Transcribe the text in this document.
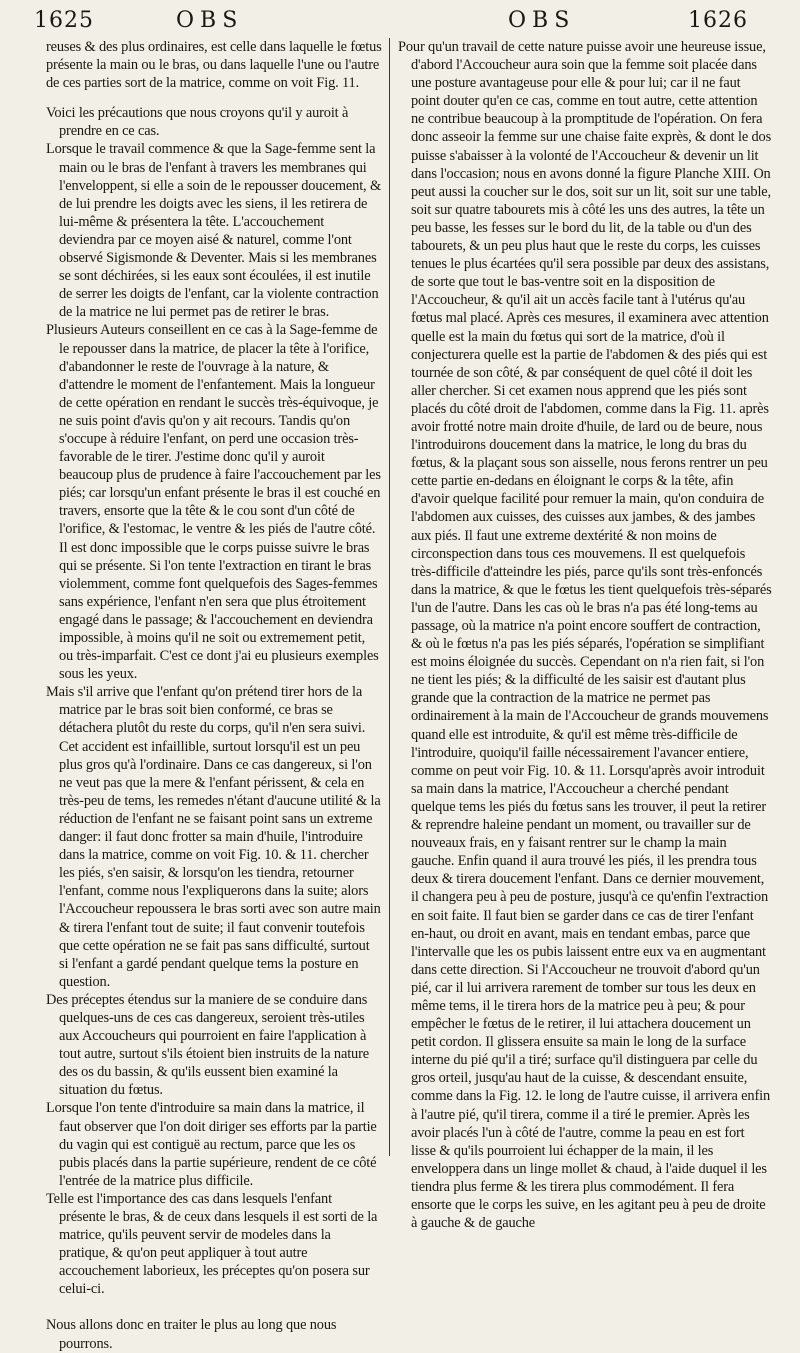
1625	OBS	OBS	1626

reuses & des plus ordinaires, est celle dans laquelle le fœtus présente la main ou le bras, ou dans laquelle l'une ou l'autre de ces parties sort de la matrice, comme on voit Fig. 11.

Voici les précautions que nous croyons qu'il y auroit à prendre en ce cas.

Lorsque le travail commence & que la Sage-femme sent la main ou le bras de l'enfant à travers les membranes qui l'enveloppent, si elle a soin de le repousser doucement, & de lui prendre les doigts avec les siens, il les retirera de lui-même & présentera la tête. L'accouchement deviendra par ce moyen aisé & naturel, comme l'ont observé Sigismonde & Deventer. Mais si les membranes se sont déchirées, si les eaux sont écoulées, il est inutile de serrer les doigts de l'enfant, car la violente contraction de la matrice ne lui permet pas de retirer le bras.

Plusieurs Auteurs conseillent en ce cas à la Sage-femme de le repousser dans la matrice, de placer la tête à l'orifice, d'abandonner le reste de l'ouvrage à la nature, & d'attendre le moment de l'enfantement. Mais la longueur de cette opération en rendant le succès très-équivoque, je ne suis point d'avis qu'on y ait recours. Tandis qu'on s'occupe à réduire l'enfant, on perd une occasion très-favorable de le tirer. J'estime donc qu'il y auroit beaucoup plus de prudence à faire l'accouchement par les piés; car lorsqu'un enfant présente le bras il est couché en travers, ensorte que la tête & le cou sont d'un côté de l'orifice, & l'estomac, le ventre & les piés de l'autre côté. Il est donc impossible que le corps puisse suivre le bras qui se présente. Si l'on tente l'extraction en tirant le bras violemment, comme font quelquefois des Sages-femmes sans expérience, l'enfant n'en sera que plus étroitement engagé dans le passage; & l'accouchement en deviendra impossible, à moins qu'il ne soit ou extremement petit, ou très-imparfait. C'est ce dont j'ai eu plusieurs exemples sous les yeux.

Mais s'il arrive que l'enfant qu'on prétend tirer hors de la matrice par le bras soit bien conformé, ce bras se détachera plutôt du reste du corps, qu'il n'en sera suivi. Cet accident est infaillible, surtout lorsqu'il est un peu plus gros qu'à l'ordinaire. Dans ce cas dangereux, si l'on ne veut pas que la mere & l'enfant périssent, & cela en très-peu de tems, les remedes n'étant d'aucune utilité & la réduction de l'enfant ne se faisant point sans un extreme danger: il faut donc frotter sa main d'huile, l'introduire dans la matrice, comme on voit Fig. 10. & 11. chercher les piés, s'en saisir, & lorsqu'on les tiendra, retourner l'enfant, comme nous l'expliquerons dans la suite; alors l'Accoucheur repoussera le bras sorti avec son autre main & tirera l'enfant tout de suite; il faut convenir toutefois que cette opération ne se fait pas sans difficulté, surtout si l'enfant a gardé pendant quelque tems la posture en question.

Des préceptes étendus sur la maniere de se conduire dans quelques-uns de ces cas dangereux, seroient très-utiles aux Accoucheurs qui pourroient en faire l'application à tout autre, surtout s'ils étoient bien instruits de la nature des os du bassin, & qu'ils eussent bien examiné la situation du fœtus.

Lorsque l'on tente d'introduire sa main dans la matrice, il faut observer que l'on doit diriger ses efforts par la partie du vagin qui est contiguë au rectum, parce que les os pubis placés dans la partie supérieure, rendent de ce côté l'entrée de la matrice plus difficile.

Telle est l'importance des cas dans lesquels l'enfant présente le bras, & de ceux dans lesquels il est sorti de la matrice, qu'ils peuvent servir de modeles dans la pratique, & qu'on peut appliquer à tout autre accouchement laborieux, les préceptes qu'on posera sur celui-ci.

Nous allons donc en traiter le plus au long que nous pourrons.

Pour qu'un travail de cette nature puisse avoir une heureuse issue, d'abord l'Accoucheur aura soin que la femme soit placée dans une posture avantageuse pour elle & pour lui; car il ne faut point douter qu'en ce cas, comme en tout autre, cette attention ne contribue beaucoup à la promptitude de l'opération. On fera donc asseoir la femme sur une chaise faite exprès, & dont le dos puisse s'abaisser à la volonté de l'Accoucheur & devenir un lit dans l'occasion; nous en avons donné la figure Planche XIII. On peut aussi la coucher sur le dos, soit sur un lit, soit sur une table, soit sur quatre tabourets mis à côté les uns des autres, la tête un peu basse, les fesses sur le bord du lit, de la table ou d'un des tabourets, & un peu plus haut que le reste du corps, les cuisses tenues le plus écartées qu'il sera possible par deux des assistans, de sorte que tout le bas-ventre soit en la disposition de l'Accoucheur, & qu'il ait un accès facile tant à l'utérus qu'au fœtus mal placé. Après ces mesures, il examinera avec attention quelle est la main du fœtus qui sort de la matrice, d'où il conjecturera quelle est la partie de l'abdomen & des piés qui est tournée de son côté, & par conséquent de quel côté il doit les aller chercher. Si cet examen nous apprend que les piés sont placés du côté droit de l'abdomen, comme dans la Fig. 11. après avoir frotté notre main droite d'huile, de lard ou de beure, nous l'introduirons doucement dans la matrice, le long du bras du fœtus, & la plaçant sous son aisselle, nous ferons rentrer un peu cette partie en-dedans en éloignant le corps & la tête, afin d'avoir quelque facilité pour remuer la main, qu'on conduira de l'abdomen aux cuisses, des cuisses aux jambes, & des jambes aux piés. Il faut une extreme dextérité & non moins de circonspection dans tous ces mouvemens. Il est quelquefois très-difficile d'atteindre les piés, parce qu'ils sont très-enfoncés dans la matrice, & que le fœtus les tient quelquefois très-séparés l'un de l'autre. Dans les cas où le bras n'a pas été long-tems au passage, où la matrice n'a point encore souffert de contraction, & où le fœtus n'a pas les piés séparés, l'opération se simplifiant est moins éloignée du succès. Cependant on n'a rien fait, si l'on ne tient les piés; & la difficulté de les saisir est d'autant plus grande que la contraction de la matrice ne permet pas ordinairement à la main de l'Accoucheur de grands mouvemens quand elle est introduite, & qu'il est même très-difficile de l'introduire, quoiqu'il faille nécessairement l'avancer entiere, comme on peut voir Fig. 10. & 11. Lorsqu'après avoir introduit sa main dans la matrice, l'Accoucheur a cherché pendant quelque tems les piés du fœtus sans les trouver, il peut la retirer & reprendre haleine pendant un moment, ou travailler sur de nouveaux frais, en y faisant rentrer sur le champ la main gauche. Enfin quand il aura trouvé les piés, il les prendra tous deux & tirera doucement l'enfant. Dans ce dernier mouvement, il changera peu à peu de posture, jusqu'à ce qu'enfin l'extraction en soit faite. Il faut bien se garder dans ce cas de tirer l'enfant en-haut, ou droit en avant, mais en tendant embas, parce que l'intervalle que les os pubis laissent entre eux va en augmentant dans cette direction. Si l'Accoucheur ne trouvoit d'abord qu'un pié, car il lui arrivera rarement de tomber sur tous les deux en même tems, il le tirera hors de la matrice peu à peu; & pour empêcher le fœtus de le retirer, il lui attachera doucement un petit cordon. Il glissera ensuite sa main le long de la surface interne du pié qu'il a tiré; surface qu'il distinguera par celle du gros orteil, jusqu'au haut de la cuisse, & descendant ensuite, comme dans la Fig. 12. le long de l'autre cuisse, il arrivera enfin à l'autre pié, qu'il tirera, comme il a tiré le premier. Après les avoir placés l'un à côté de l'autre, comme la peau en est fort lisse & qu'ils pourroient lui échapper de la main, il les enveloppera dans un linge mollet & chaud, à l'aide duquel il les tiendra plus ferme & les tirera plus commodément. Il fera ensorte que le corps les suive, en les agitant peu à peu de droite à gauche & de gauche
